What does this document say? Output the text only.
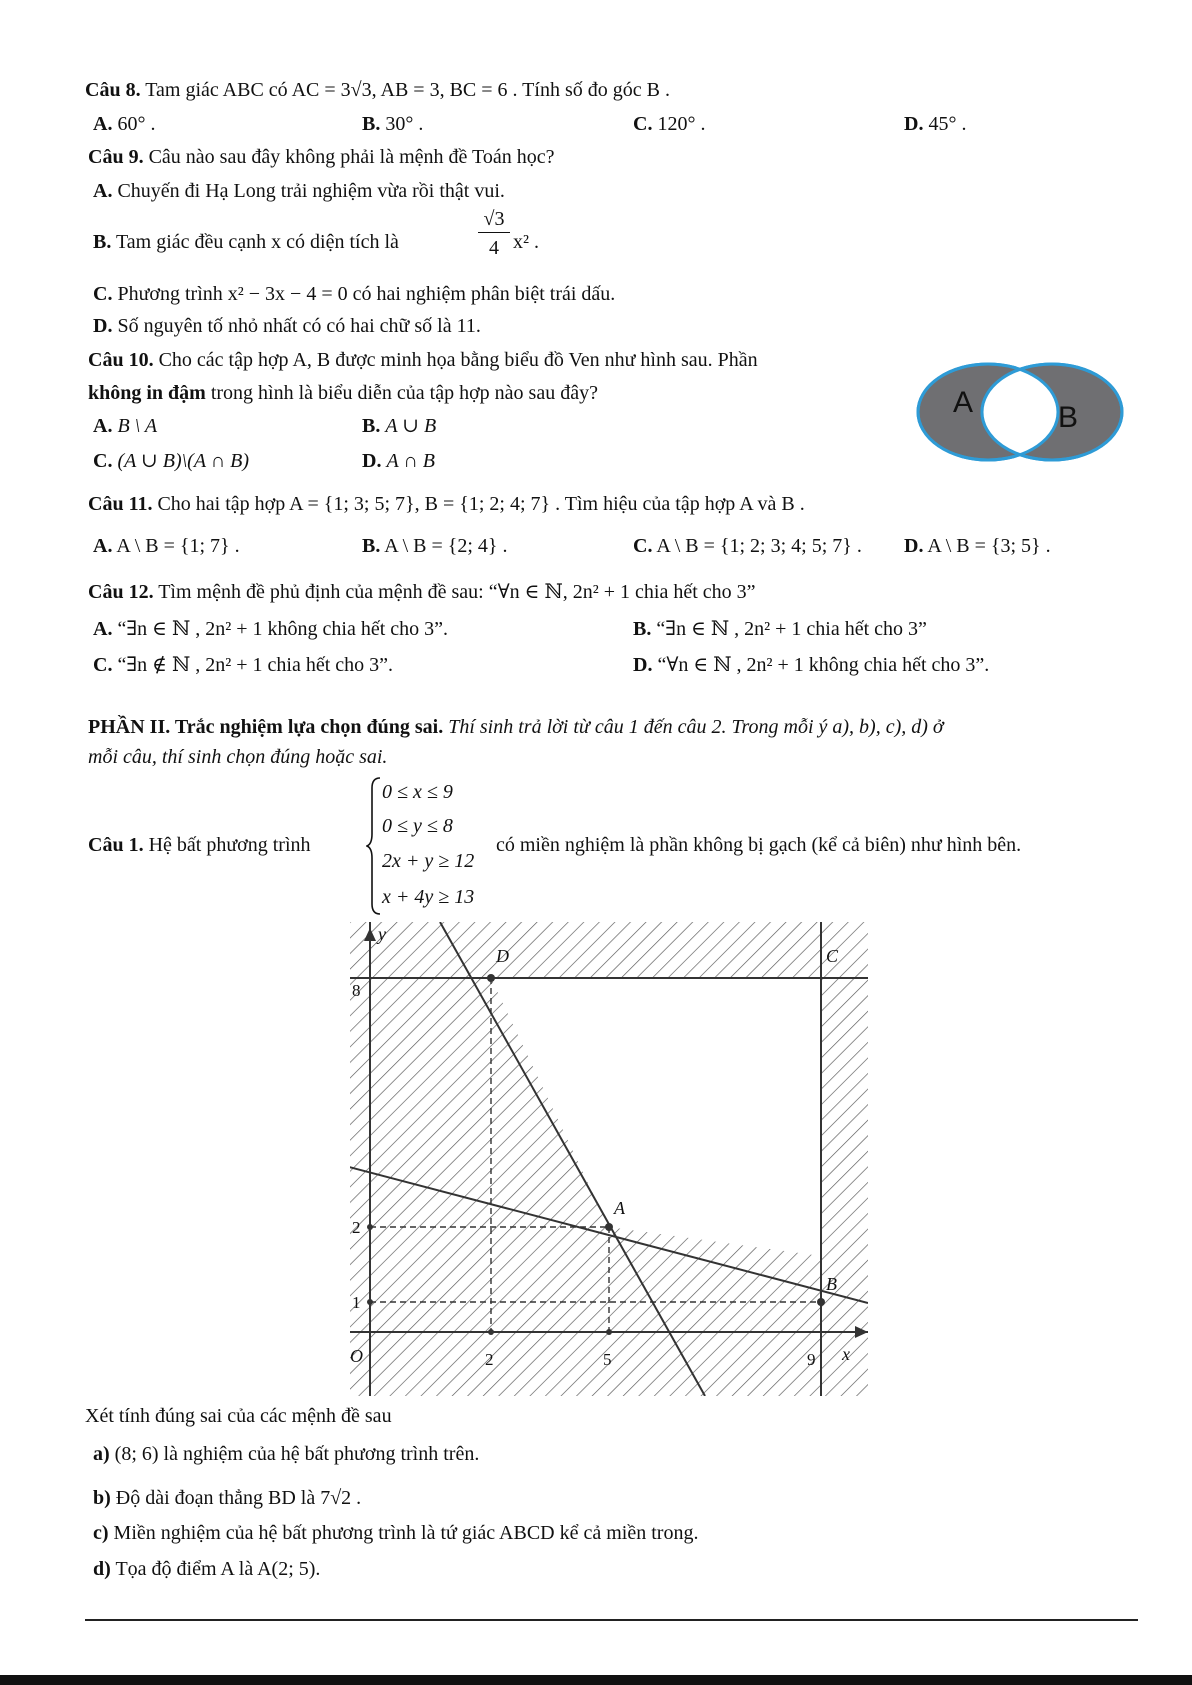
Câu 8. Tam giác ABC có AC = 3√3, AB = 3, BC = 6 . Tính số đo góc B .
A. 60° .	B. 30° .	C. 120° .	D. 45° .
Câu 9. Câu nào sau đây không phải là mệnh đề Toán học?
A. Chuyến đi Hạ Long trải nghiệm vừa rồi thật vui.
B. Tam giác đều cạnh x có diện tích là	$\frac{√3}{4} x^2$ .
C. Phương trình x² − 3x − 4 = 0 có hai nghiệm phân biệt trái dấu.
D. Số nguyên tố nhỏ nhất có có hai chữ số là 11.
Câu 10. Cho các tập hợp A, B được minh họa bằng biểu đồ Ven như hình sau. Phần
không in đậm trong hình là biểu diễn của tập hợp nào sau đây?
A. B \ A	B. A ∪ B
C. (A ∪ B)\(A ∩ B)	D. A ∩ B
A	B
Câu 11. Cho hai tập hợp A = {1; 3; 5; 7}, B = {1; 2; 4; 7} . Tìm hiệu của tập hợp A và B .
A. A \ B = {1; 7} .	B. A \ B = {2; 4} .	C. A \ B = {1; 2; 3; 4; 5; 7} . D. A \ B = {3; 5} .
Câu 12. Tìm mệnh đề phủ định của mệnh đề sau: “∀n ∈ ℕ, 2n² + 1 chia hết cho 3”
A. “∃n ∈ ℕ , 2n² + 1 không chia hết cho 3”.	B. “∃n ∈ ℕ , 2n² + 1 chia hết cho 3”
C. “∃n ∉ ℕ , 2n² + 1 chia hết cho 3”.	D. “∀n ∈ ℕ , 2n² + 1 không chia hết cho 3”.
PHẦN II. Trắc nghiệm lựa chọn đúng sai. Thí sinh trả lời từ câu 1 đến câu 2. Trong mỗi ý a), b), c), d) ở
mỗi câu, thí sinh chọn đúng hoặc sai.
Câu 1. Hệ bất phương trình
0 ≤ x ≤ 9
0 ≤ y ≤ 8
2x + y ≥ 12
x + 4y ≥ 13
có miền nghiệm là phần không bị gạch (kể cả biên) như hình bên.
D	C
A
B
y
x
O	2	5	9
1
2
8
Xét tính đúng sai của các mệnh đề sau
a) (8; 6) là nghiệm của hệ bất phương trình trên.
b) Độ dài đoạn thẳng BD là 7√2 .
c) Miền nghiệm của hệ bất phương trình là tứ giác ABCD kể cả miền trong.
d) Tọa độ điểm A là A(2; 5).
